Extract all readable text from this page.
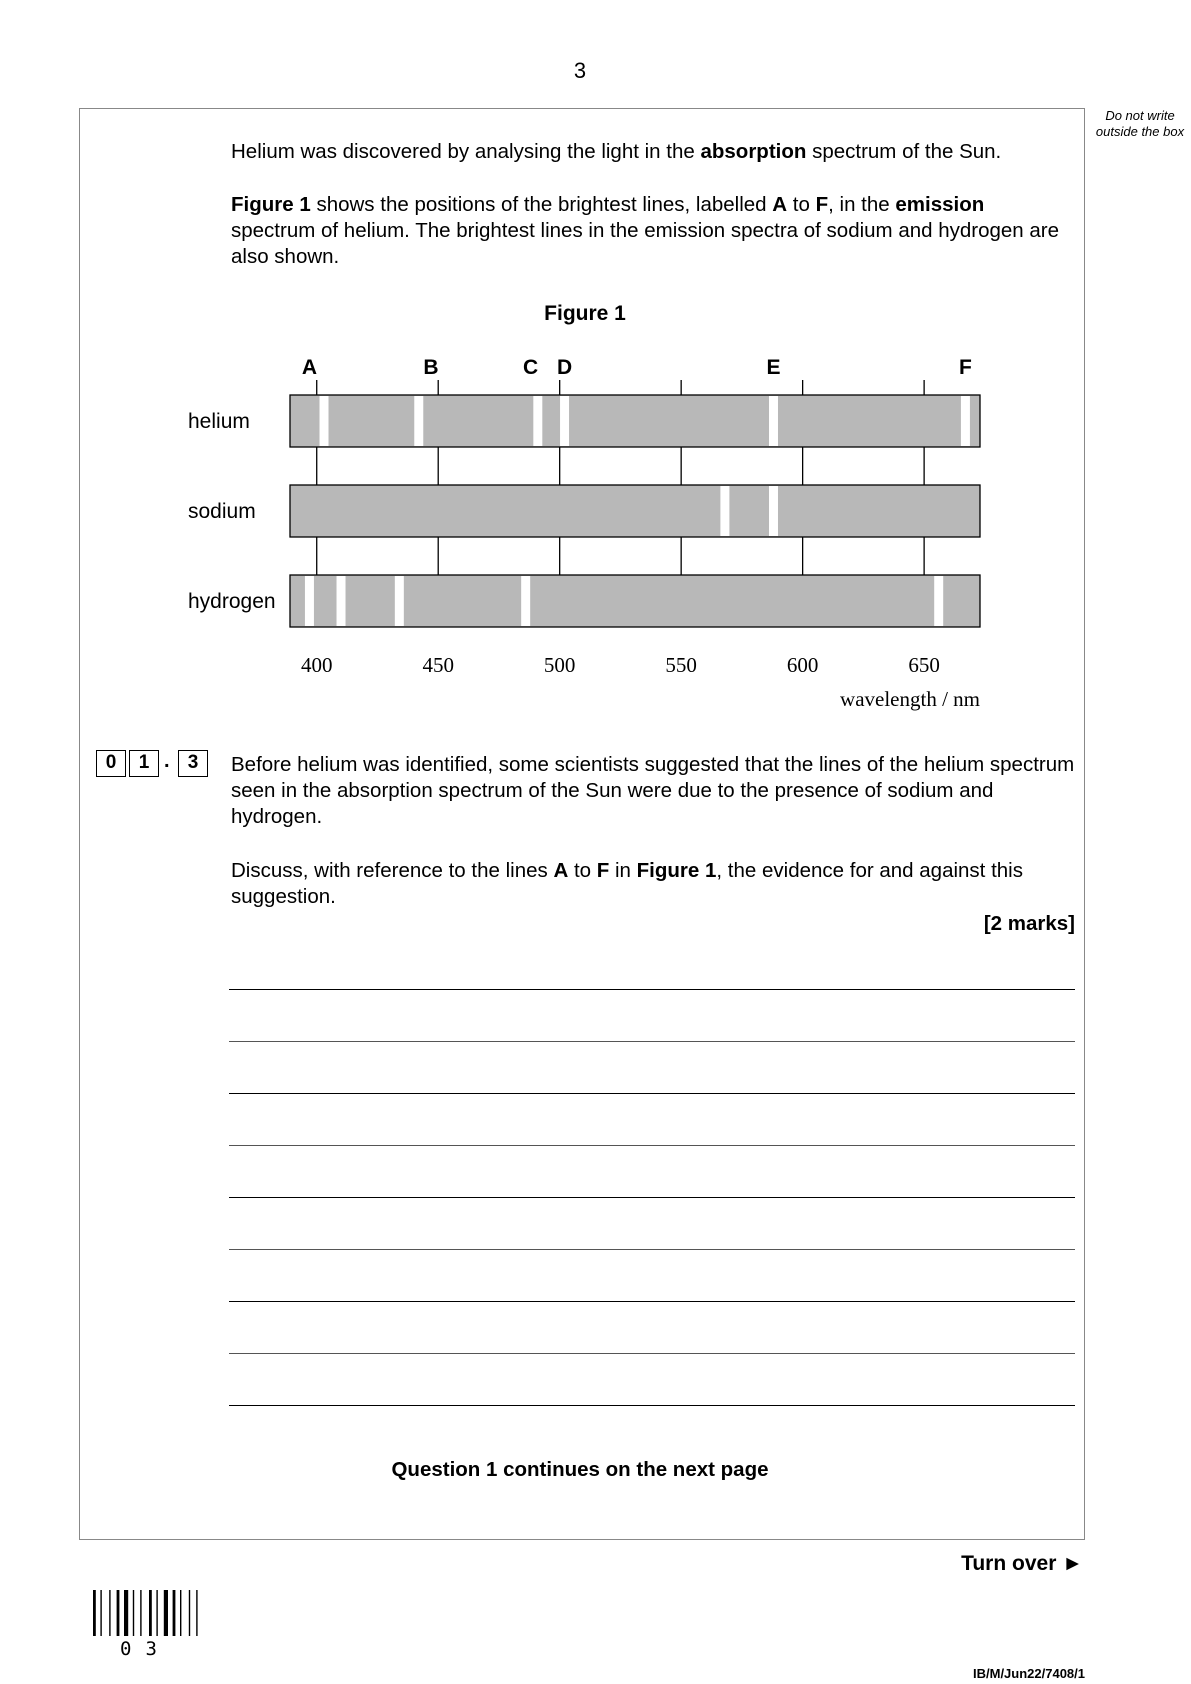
3
Do not write outside the box
Helium was discovered by analysing the light in the absorption spectrum of the Sun.
Figure 1 shows the positions of the brightest lines, labelled A to F, in the emission spectrum of helium. The brightest lines in the emission spectra of sodium and hydrogen are also shown.
Figure 1
400	450	500	550	600	650
helium
sodium
hydrogen
A	B	C D	E	F
wavelength / nm
0	1 . 3	Before helium was identified, some scientists suggested that the lines of the helium spectrum seen in the absorption spectrum of the Sun were due to the presence of sodium and hydrogen.
Discuss, with reference to the lines A to F in Figure 1, the evidence for and against this suggestion.
[2 marks]
Question 1 continues on the next page
Turn over ►
03
IB/M/Jun22/7408/1
